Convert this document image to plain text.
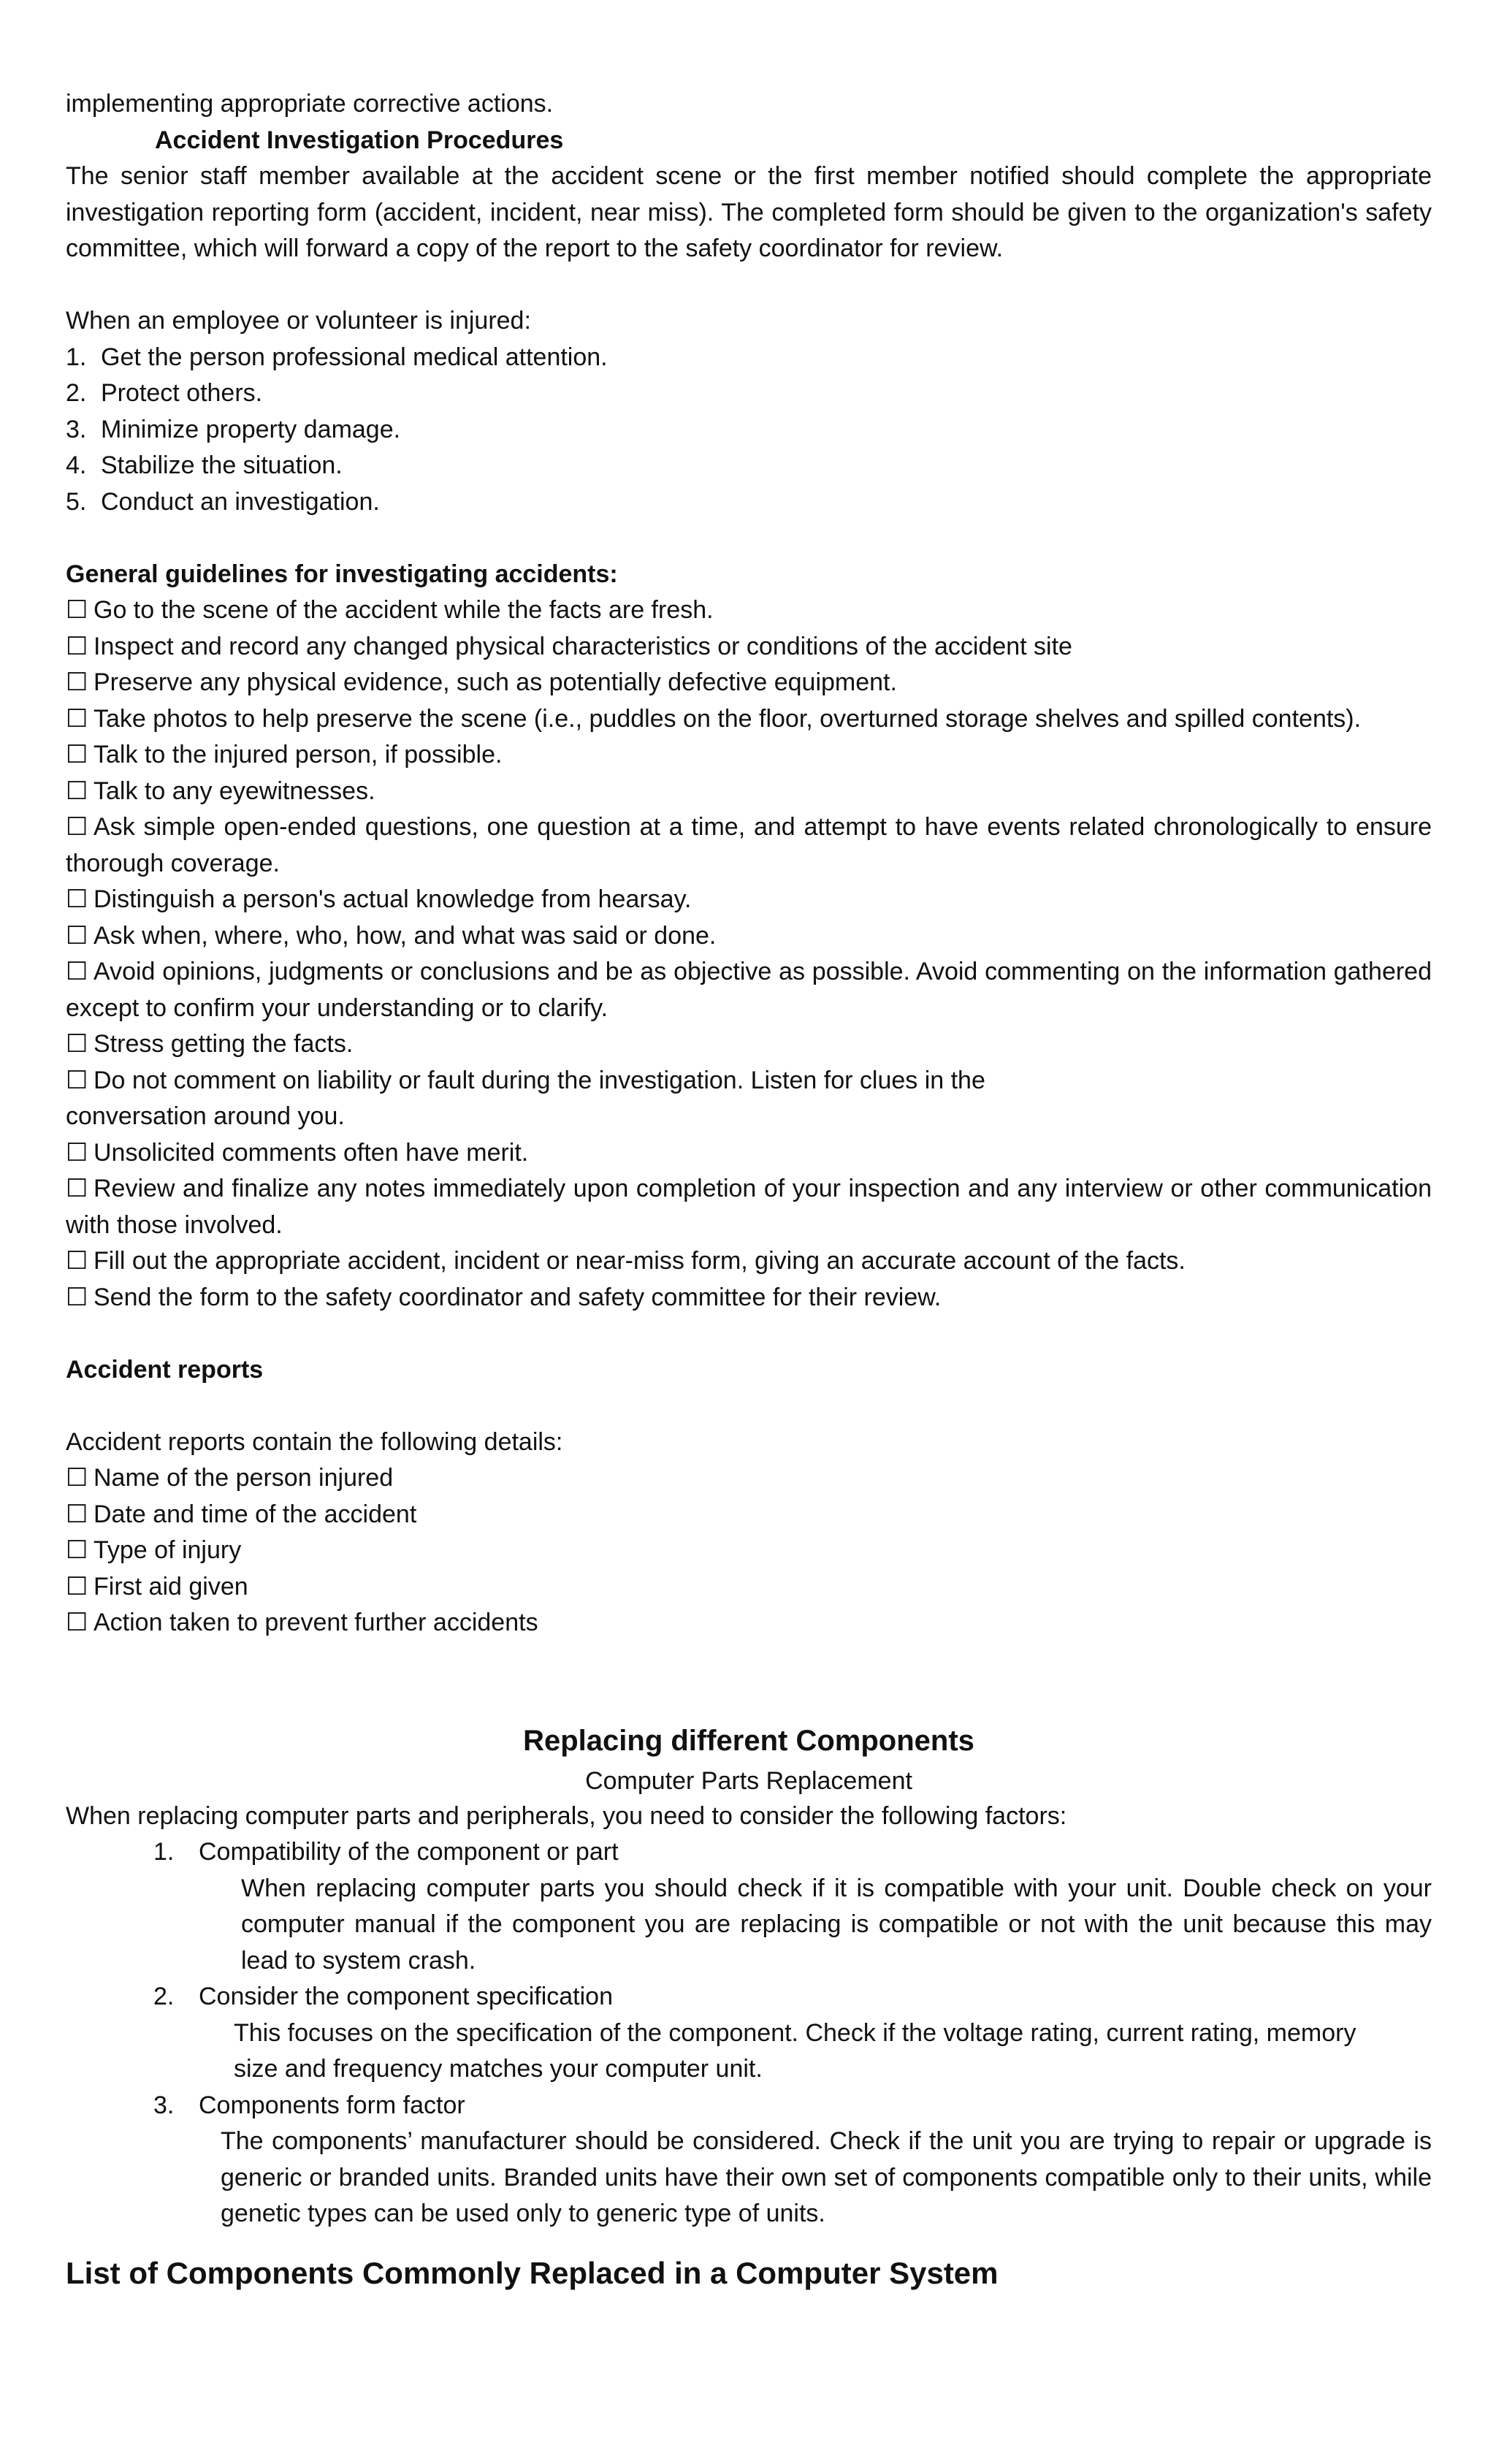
implementing appropriate corrective actions.
Accident Investigation Procedures
The senior staff member available at the accident scene or the first member notified should complete the appropriate investigation reporting form (accident, incident, near miss). The completed form should be given to the organization's safety committee, which will forward a copy of the report to the safety coordinator for review.
When an employee or volunteer is injured:
1. Get the person professional medical attention.
2. Protect others.
3. Minimize property damage.
4. Stabilize the situation.
5. Conduct an investigation.
General guidelines for investigating accidents:
☐ Go to the scene of the accident while the facts are fresh.
☐ Inspect and record any changed physical characteristics or conditions of the accident site
☐ Preserve any physical evidence, such as potentially defective equipment.
☐ Take photos to help preserve the scene (i.e., puddles on the floor, overturned storage shelves and spilled contents).
☐ Talk to the injured person, if possible.
☐ Talk to any eyewitnesses.
☐ Ask simple open-ended questions, one question at a time, and attempt to have events related chronologically to ensure thorough coverage.
☐ Distinguish a person's actual knowledge from hearsay.
☐ Ask when, where, who, how, and what was said or done.
☐ Avoid opinions, judgments or conclusions and be as objective as possible. Avoid commenting on the information gathered except to confirm your understanding or to clarify.
☐ Stress getting the facts.
☐ Do not comment on liability or fault during the investigation. Listen for clues in the
conversation around you.
☐ Unsolicited comments often have merit.
☐ Review and finalize any notes immediately upon completion of your inspection and any interview or other communication with those involved.
☐ Fill out the appropriate accident, incident or near-miss form, giving an accurate account of the facts.
☐ Send the form to the safety coordinator and safety committee for their review.
Accident reports
Accident reports contain the following details:
☐ Name of the person injured
☐ Date and time of the accident
☐ Type of injury
☐ First aid given
☐ Action taken to prevent further accidents
Replacing different Components
Computer Parts Replacement
When replacing computer parts and peripherals, you need to consider the following factors:
1. Compatibility of the component or part
When replacing computer parts you should check if it is compatible with your unit. Double check on your computer manual if the component you are replacing is compatible or not with the unit because this may lead to system crash.
2. Consider the component specification
This focuses on the specification of the component. Check if the voltage rating, current rating, memory size and frequency matches your computer unit.
3. Components form factor
The components’ manufacturer should be considered. Check if the unit you are trying to repair or upgrade is generic or branded units. Branded units have their own set of components compatible only to their units, while genetic types can be used only to generic type of units.
List of Components Commonly Replaced in a Computer System
